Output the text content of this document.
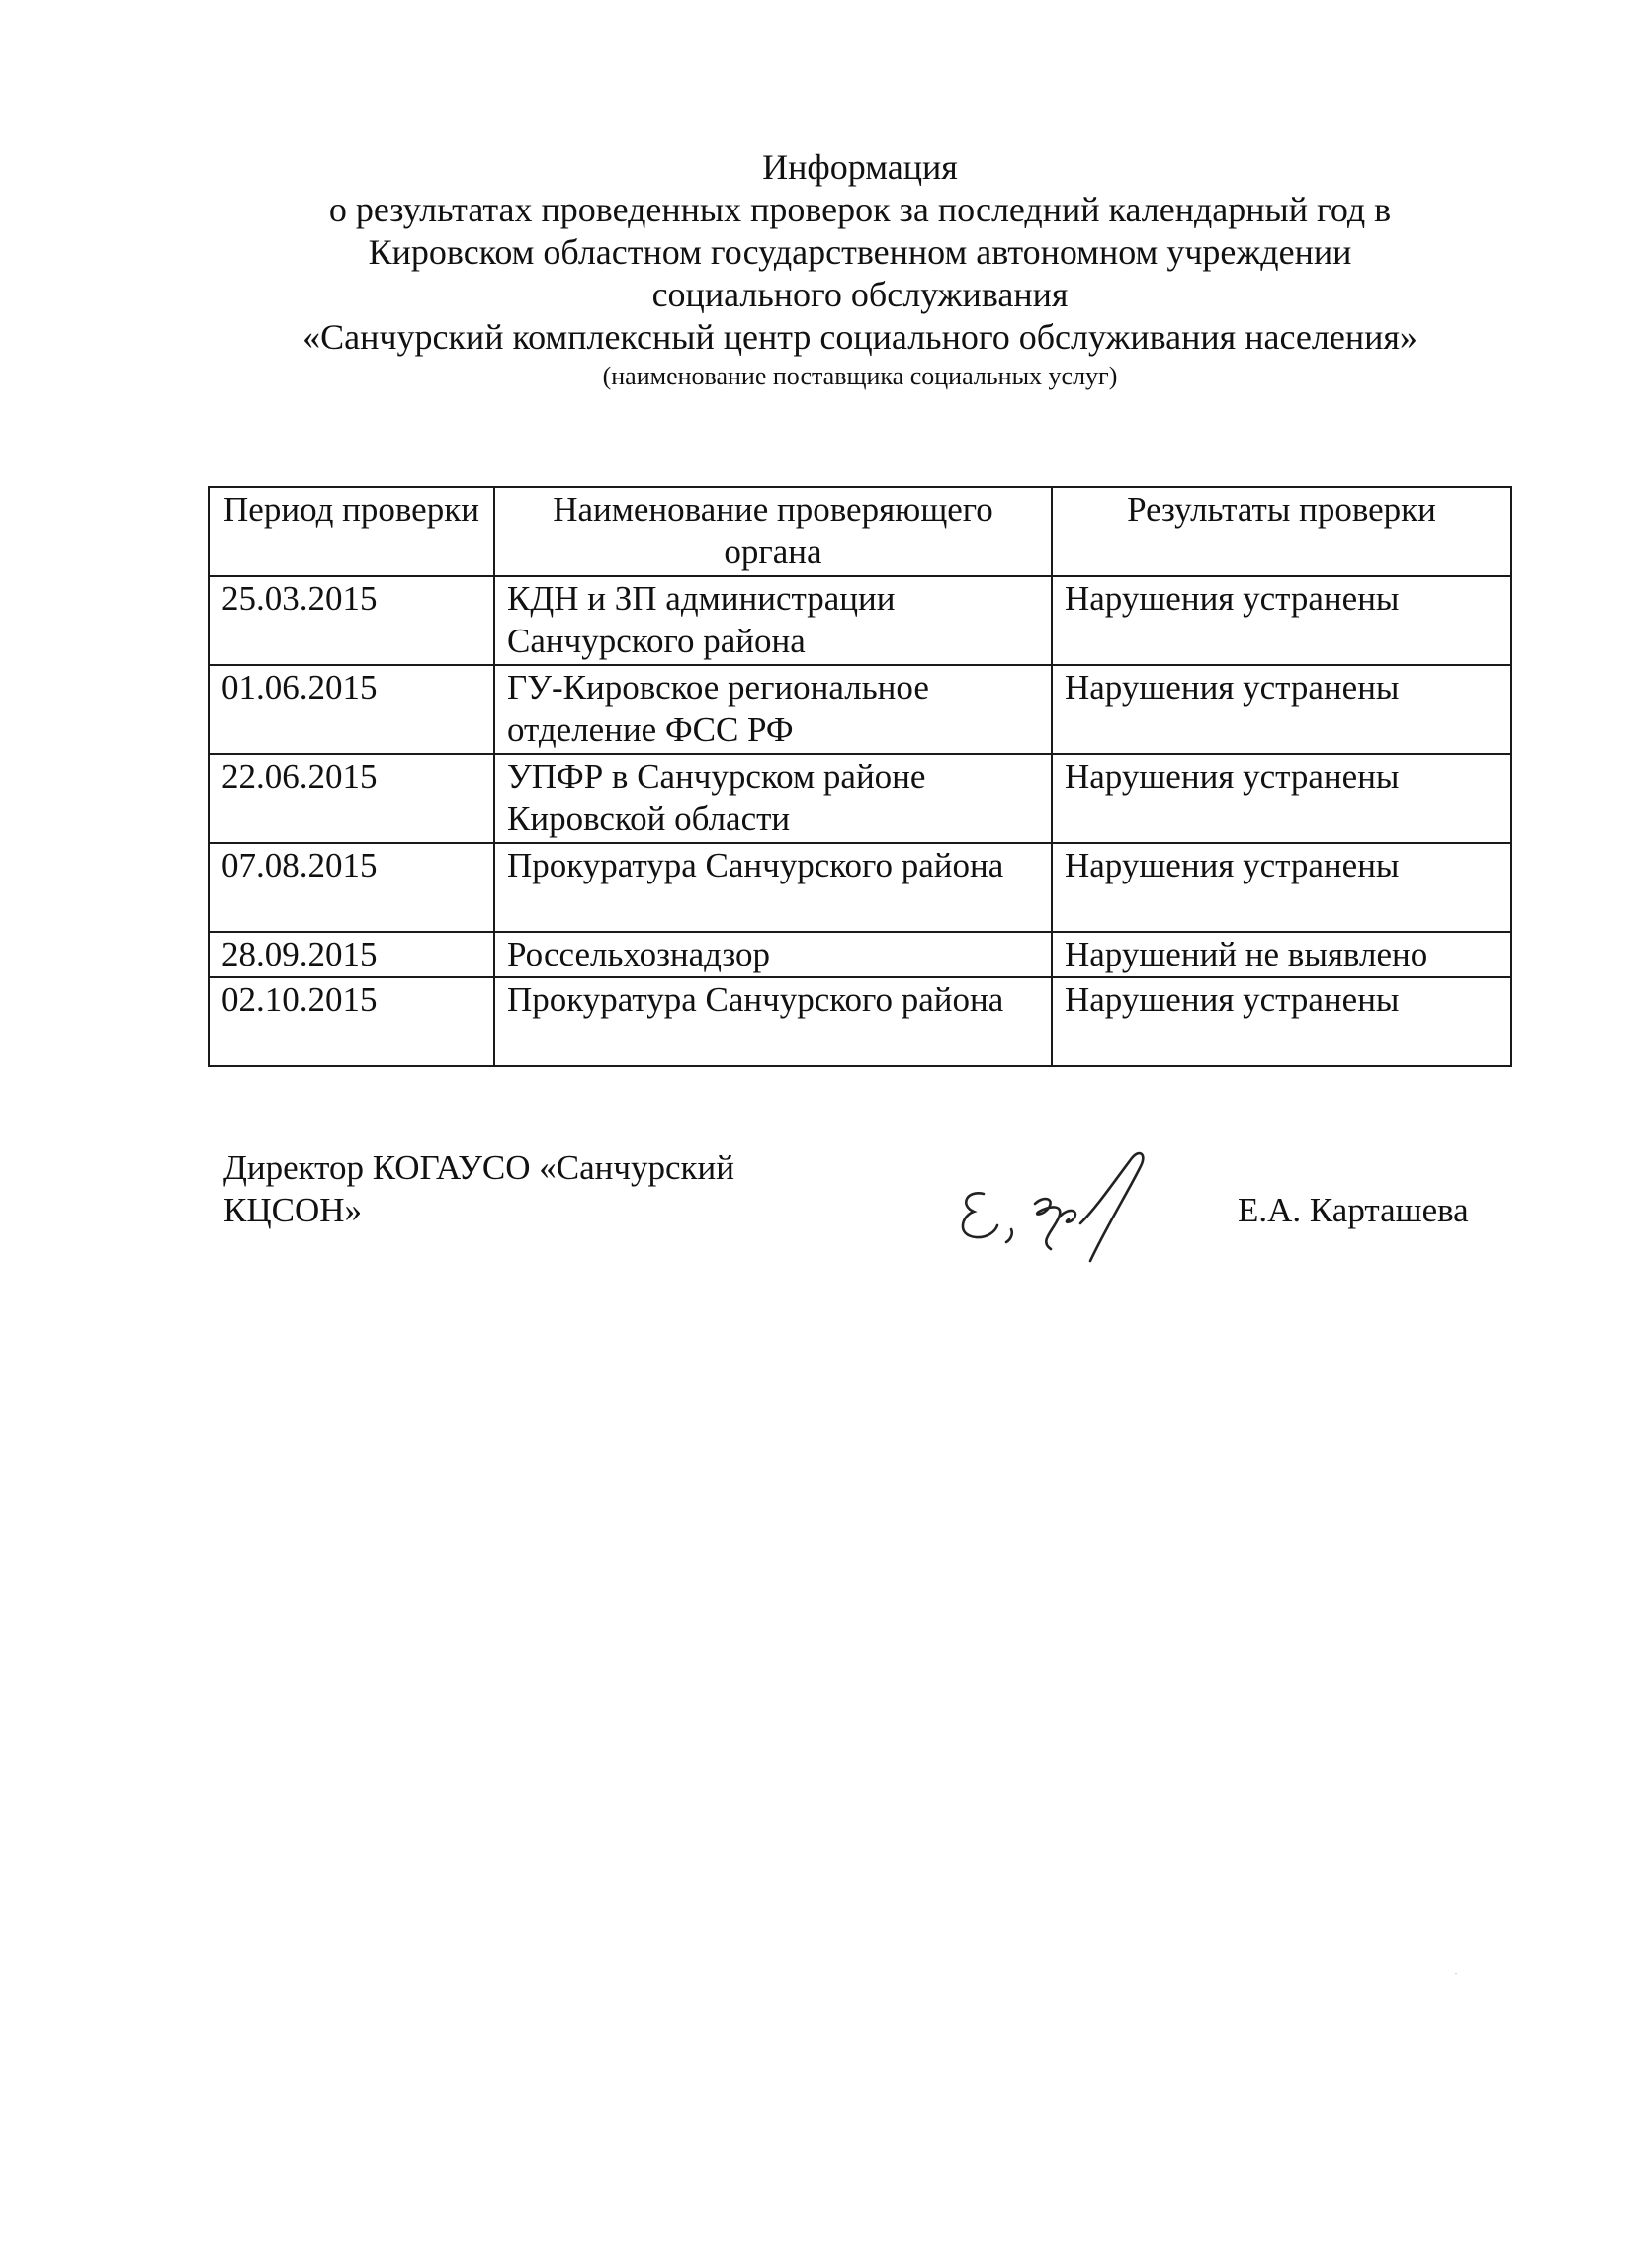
Информация
о результатах проведенных проверок за последний календарный год в
Кировском областном государственном автономном учреждении
социального обслуживания
«Санчурский комплексный центр социального обслуживания населения»
(наименование поставщика социальных услуг)
Период проверки	Наименование проверяющего органа	Результаты проверки
25.03.2015	КДН и ЗП администрации Санчурского района	Нарушения устранены
01.06.2015	ГУ-Кировское региональное отделение ФСС РФ	Нарушения устранены
22.06.2015	УПФР в Санчурском районе Кировской области	Нарушения устранены
07.08.2015	Прокуратура Санчурского района	Нарушения устранены
28.09.2015	Россельхознадзор	Нарушений не выявлено
02.10.2015	Прокуратура Санчурского района	Нарушения устранены
Директор КОГАУСО «Санчурский
КЦСОН»	Е.А. Карташева
